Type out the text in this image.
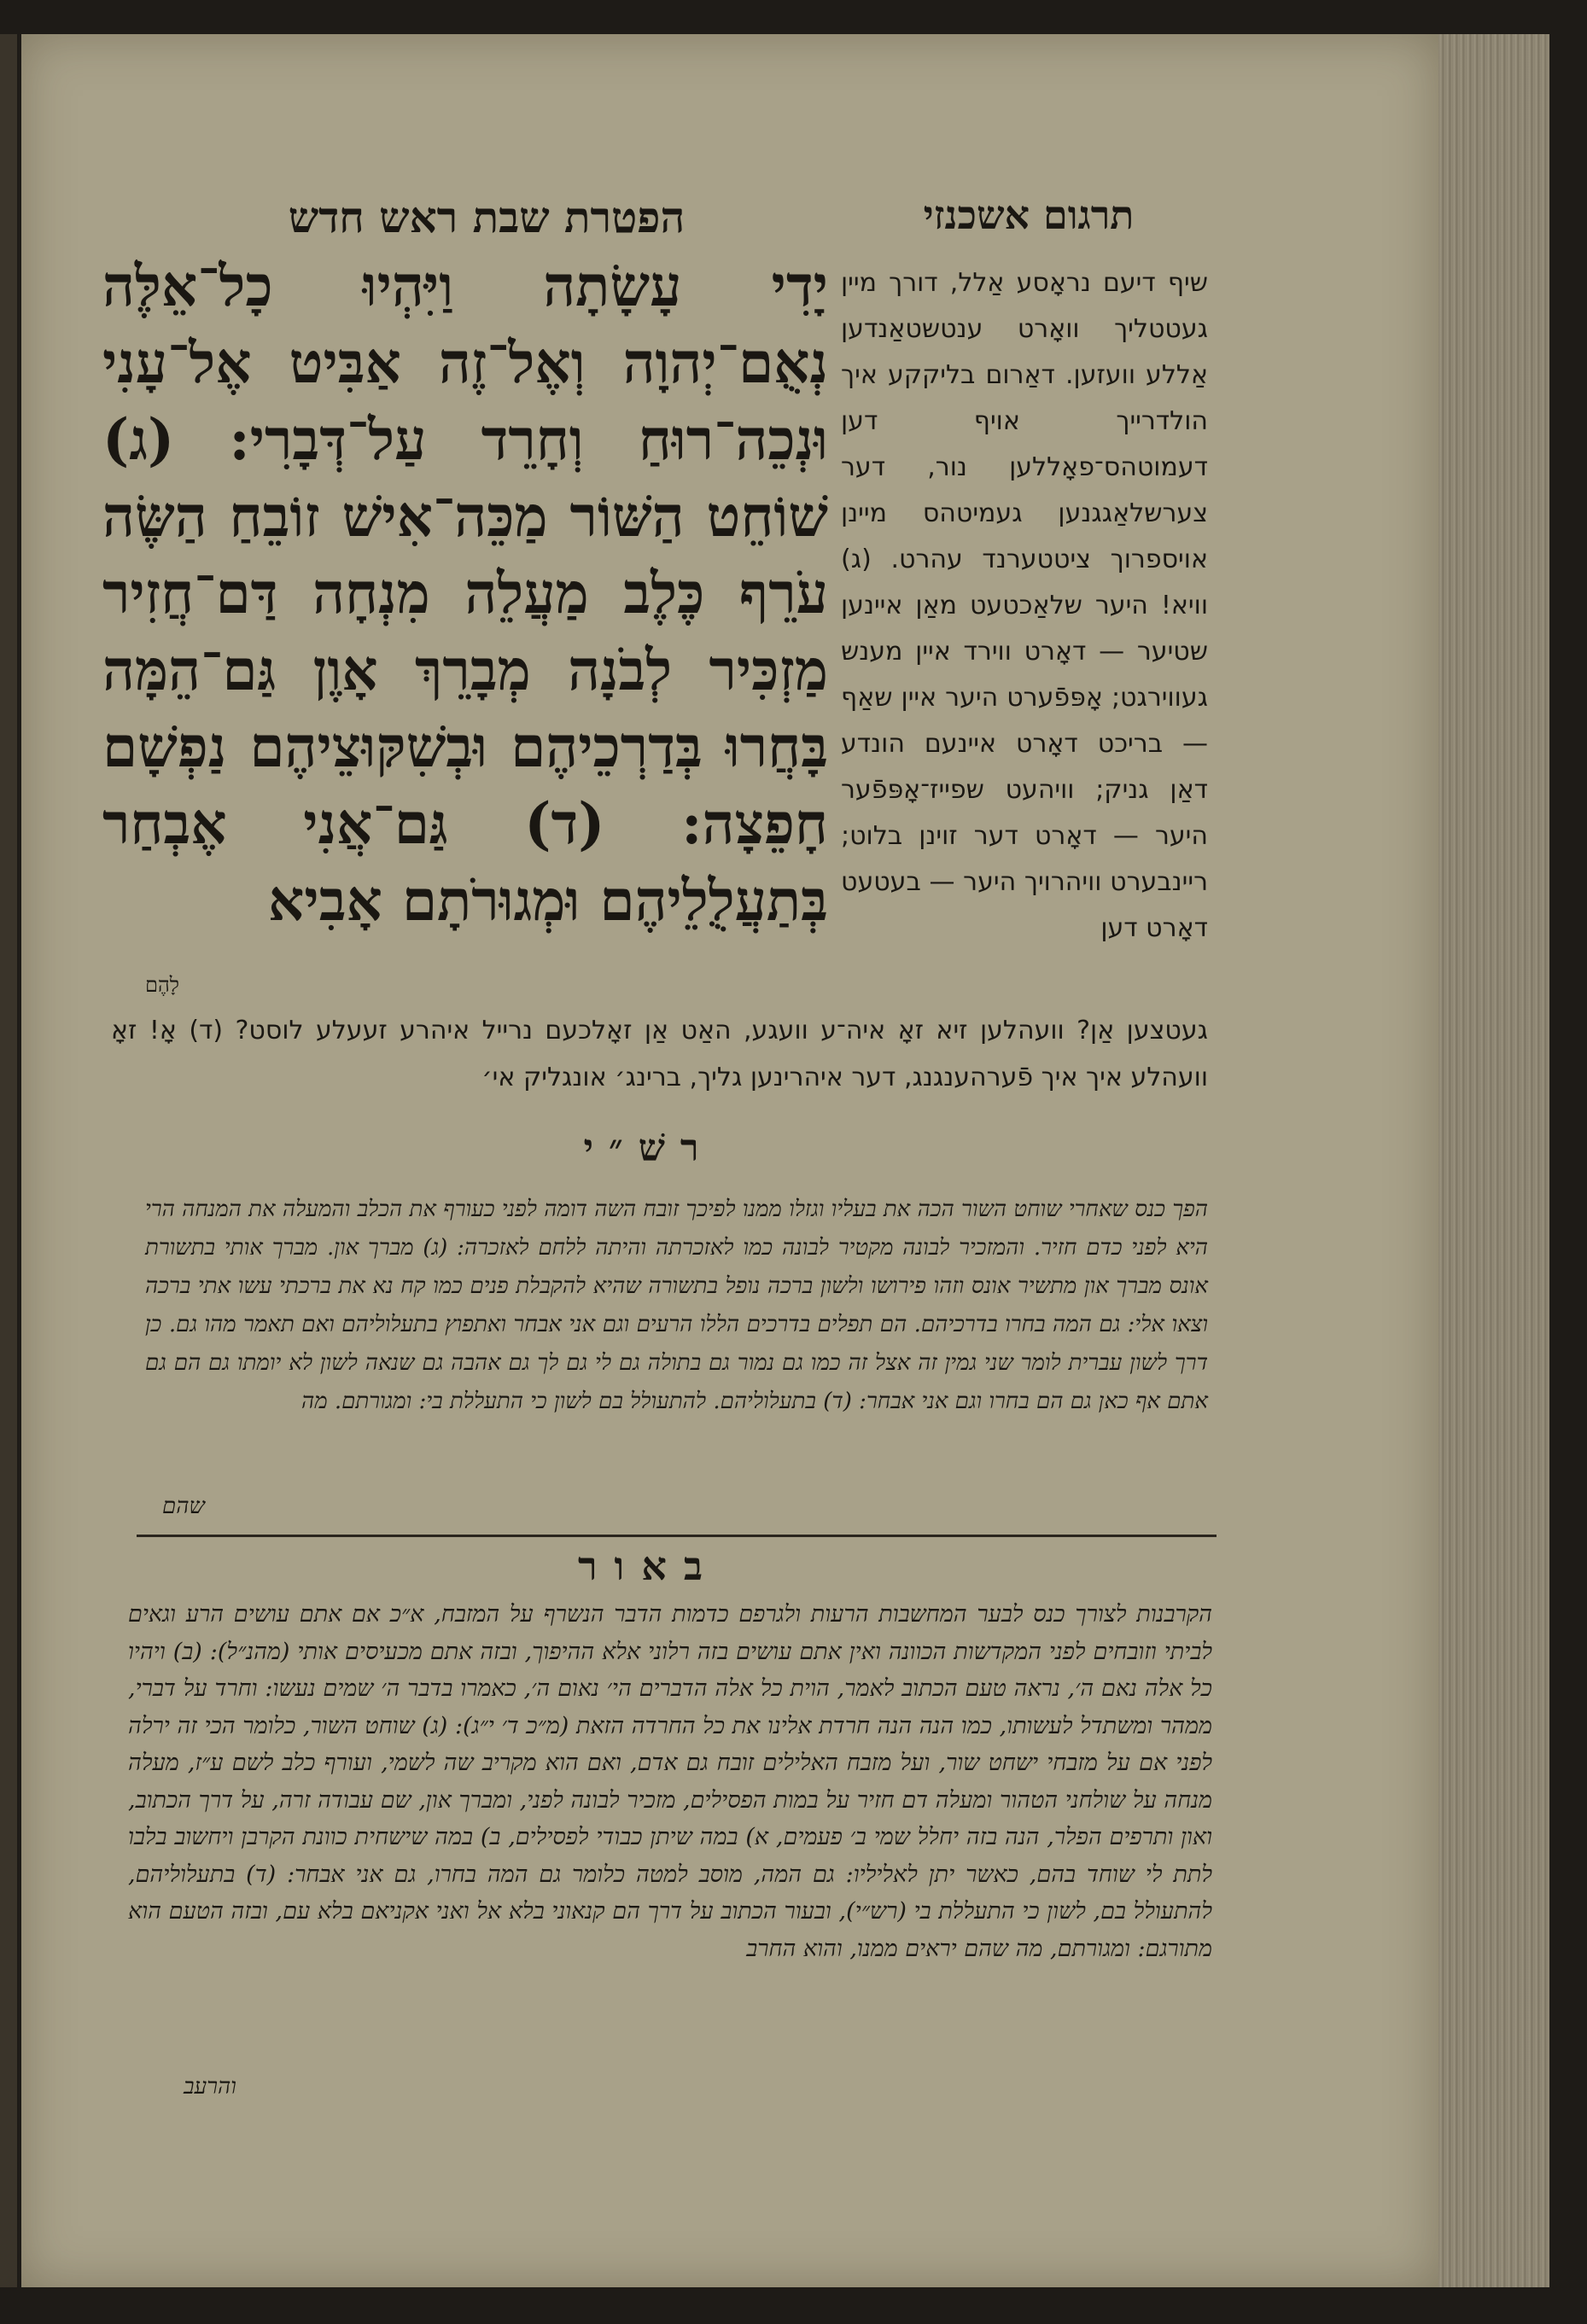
תרגום אשכנזי
הפטרת שבת ראש חדש
שיף דיעם נראָסע אַלל, דורך מיין געטטליך וואָרט ענטשטאַנדען אַללע וועזען. דאַרום בליקקע איך הולדרייך אויף דען דעמוטהס־פאָללען נור, דער צערשלאַגגנען געמיטהס מיינן אויספרוך ציטטערנד עהרט. (ג) וויא! היער שלאַכטעט מאַן איינען שטיער — דאָרט ווירד איין מענש געווירגט; אָפּפֿערט היער איין שאַף — בריכט דאָרט איינעם הונדע דאַן גניק; וויהעט שפייז־אָפּפֿער היער — דאָרט דער זוינן בלוט; ריינבערט וויהרויך היער — בעטעט דאָרט דען
יָדִי עָשָׂתָה וַיִּהְיוּ כָל־אֵלֶּה נְאֻם־יְהוָה וְאֶל־זֶה אַבִּיט אֶל־עָנִי וּנְכֵה־רוּחַ וְחָרֵד עַל־דְּבָרִי: (ג) שׁוֹחֵט הַשּׁוֹר מַכֵּה־אִישׁ זוֹבֵחַ הַשֶּׂה עֹרֵף כֶּלֶב מַעֲלֵה מִנְחָה דַּם־חֲזִיר מַזְכִּיר לְבֹנָה מְבָרֵךְ אָוֶן גַּם־הֵמָּה בָּחֲרוּ בְּדַרְכֵיהֶם וּבְשִׁקּוּצֵיהֶם נַפְשָׁם חָפֵצָה: (ד) גַּם־אֲנִי אֶבְחַר בְּתַעֲלֻלֵיהֶם וּמְגוּרֹתָם אָבִיא
לָהֶם
געטצען אַן? וועהלען זיא זאָ איה־ע וועגע, האַט אַן זאָלכעם נרייל איהרע זעעלע לוסט? (ד) אָ! זאָ וועהלע איך איך פֿערהענגנג, דער איהרינען גליך, ברינג׳ אונגליק אי׳
רשׁ״י
הפך כנס שאחרי שוחט השור הכה את בעליו וגזלו ממנו לפיכך זובח השה דומה לפני כעורף את הכלב והמעלה את המנחה הרי היא לפני כדם חזיר. והמזכיר לבונה מקטיר לבונה כמו לאזכרתה והיתה ללחם לאזכרה: (ג) מברך און. מברך אותי בתשורת אונס מברך און מתשיר אונס וזהו פירושו ולשון ברכה נופל בתשורה שהיא להקבלת פנים כמו קח נא את ברכתי עשו אתי ברכה וצאו אלי: גם המה בחרו בדרכיהם. הם תפלים בדרכים הללו הרעים וגם אני אבחר ואתפוץ בתעלוליהם ואם תאמר מהו גם. כן דרך לשון עברית לומר שני גמין זה אצל זה כמו גם נמור גם בתולה גם לי גם לך גם אהבה גם שנאה לשון לא יומתו גם הם גם אתם אף כאן גם הם בחרו וגם אני אבחר: (ד) בתעלוליהם. להתעולל בם לשון כי התעללת בי: ומגורתם. מה
שהם
באור
הקרבנות לצורך כנס לבער המחשבות הרעות ולגרפם כדמות הדבר הנשרף על המזבח, א״כ אם אתם עושים הרע וגאים לביתי וזובחים לפני המקדשות הכוונה ואין אתם עושים בזה רלוני אלא ההיפוך, ובזה אתם מכעיסים אותי (מהנ״ל): (ב) ויהיו כל אלה נאם ה׳, נראה טעם הכתוב לאמר, הוית כל אלה הדברים הי׳ נאום ה׳, כאמרו בדבר ה׳ שמים נעשו: וחרד על דברי, ממהר ומשתדל לעשותו, כמו הנה הנה חרדת אלינו את כל החרדה הזאת (מ״כ ד׳ י״ג): (ג) שוחט השור, כלומר הכי זה ירלה לפני אם על מזבחי ישחט שור, ועל מזבח האלילים זובח גם אדם, ואם הוא מקריב שה לשמי, ועורף כלב לשם ע״ז, מעלה מנחה על שולחני הטהור ומעלה דם חזיר על במות הפסילים, מזכיר לבונה לפני, ומברך און, שם עבודה זרה, על דרך הכתוב, ואון ותרפים הפלר, הנה בזה יחלל שמי ב׳ פעמים, א) במה שיתן כבודי לפסילים, ב) במה שישחית כוונת הקרבן ויחשוב בלבו לתת לי שוחד בהם, כאשר יתן לאליליו: גם המה, מוסב למטה כלומר גם המה בחרו, גם אני אבחר: (ד) בתעלוליהם, להתעולל בם, לשון כי התעללת בי (רש״י), ובעור הכתוב על דרך הם קנאוני בלא אל ואני אקניאם בלא עם, ובזה הטעם הוא מתורגם: ומגורתם, מה שהם יראים ממנו, והוא החרב
והרעב
